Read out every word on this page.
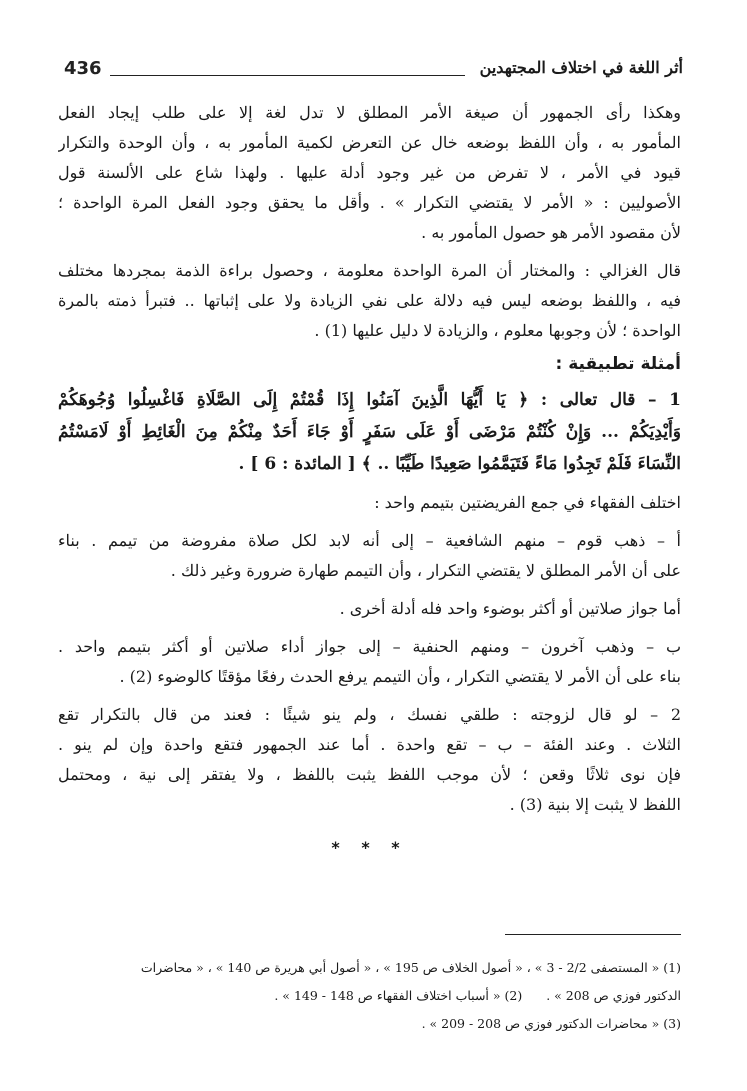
436	أثر اللغة في اختلاف المجتهدين
وهكذا رأى الجمهور أن صيغة الأمر المطلق لا تدل لغة إلا على طلب إيجاد الفعل
المأمور به ، وأن اللفظ بوضعه خال عن التعرض لكمية المأمور به ، وأن الوحدة والتكرار
قيود في الأمر ، لا تفرض من غير وجود أدلة عليها . ولهذا شاع على الألسنة قول
الأصوليين : « الأمر لا يقتضي التكرار » . وأقل ما يحقق وجود الفعل المرة الواحدة ؛
لأن مقصود الأمر هو حصول المأمور به .
قال الغزالي : والمختار أن المرة الواحدة معلومة ، وحصول براءة الذمة بمجردها مختلف
فيه ، واللفظ بوضعه ليس فيه دلالة على نفي الزيادة ولا على إثباتها .. فتبرأ ذمته بالمرة
الواحدة ؛ لأن وجوبها معلوم ، والزيادة لا دليل عليها (1) .
أمثلة تطبيقية :
1 – قال تعالى : ﴿ يَا أَيُّهَا الَّذِينَ آمَنُوا إِذَا قُمْتُمْ إِلَى الصَّلَاةِ فَاغْسِلُوا وُجُوهَكُمْ
وَأَيْدِيَكُمْ ... وَإِنْ كُنْتُمْ مَرْضَى أَوْ عَلَى سَفَرٍ أَوْ جَاءَ أَحَدٌ مِنْكُمْ مِنَ الْغَائِطِ أَوْ لَامَسْتُمُ
النِّسَاءَ فَلَمْ تَجِدُوا مَاءً فَتَيَمَّمُوا صَعِيدًا طَيِّبًا .. ﴾ [ المائدة : 6 ] .
اختلف الفقهاء في جمع الفريضتين بتيمم واحد :
أ – ذهب قوم – منهم الشافعية – إلى أنه لابد لكل صلاة مفروضة من تيمم . بناء
على أن الأمر المطلق لا يقتضي التكرار ، وأن التيمم طهارة ضرورة وغير ذلك .
أما جواز صلاتين أو أكثر بوضوء واحد فله أدلة أخرى .
ب – وذهب آخرون – ومنهم الحنفية – إلى جواز أداء صلاتين أو أكثر بتيمم واحد .
بناء على أن الأمر لا يقتضي التكرار ، وأن التيمم يرفع الحدث رفعًا مؤقتًا كالوضوء (2) .
2 – لو قال لزوجته : طلقي نفسك ، ولم ينو شيئًا : فعند من قال بالتكرار تقع
الثلاث . وعند الفئة – ب – تقع واحدة . أما عند الجمهور فتقع واحدة وإن لم ينو .
فإن نوى ثلاثًا وقعن ؛ لأن موجب اللفظ يثبت باللفظ ، ولا يفتقر إلى نية ، ومحتمل
اللفظ لا يثبت إلا بنية (3) .
* * *
(1) « المستصفى 2/2 - 3 » ، « أصول الخلاف ص 195 » ، « أصول أبي هريرة ص 140 » ، « محاضرات
الدكتور فوزي ص 208 » . (2) « أسباب اختلاف الفقهاء ص 148 - 149 » .
(3) « محاضرات الدكتور فوزي ص 208 - 209 » .
